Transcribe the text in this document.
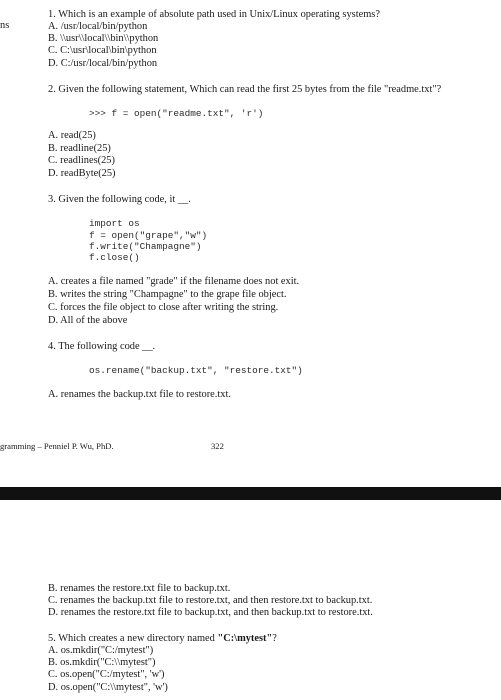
ns
1. Which is an example of absolute path used in Unix/Linux operating systems?
A. /usr/local/bin/python
B. \\usr\\local\\bin\\python
C. C:\usr\local\bin\python
D. C:/usr/local/bin/python
2. Given the following statement, Which can read the first 25 bytes from the file "readme.txt"?
>>> f = open("readme.txt", 'r')
A. read(25)
B. readline(25)
C. readlines(25)
D. readByte(25)
3. Given the following code, it __.
import os
f = open("grape","w")
f.write("Champagne")
f.close()
A. creates a file named "grade" if the filename does not exit.
B. writes the string "Champagne" to the grape file object.
C. forces the file object to close after writing the string.
D. All of the above
4. The following code __.
os.rename("backup.txt", "restore.txt")
A. renames the backup.txt file to restore.txt.
gramming – Penniel P. Wu, PhD.	322
B. renames the restore.txt file to backup.txt.
C. renames the backup.txt file to restore.txt, and then restore.txt to backup.txt.
D. renames the restore.txt file to backup.txt, and then backup.txt to restore.txt.
5. Which creates a new directory named "C:\mytest"?
A. os.mkdir("C:/mytest")
B. os.mkdir("C:\\mytest")
C. os.open("C:/mytest", 'w')
D. os.open("C:\\mytest", 'w')
